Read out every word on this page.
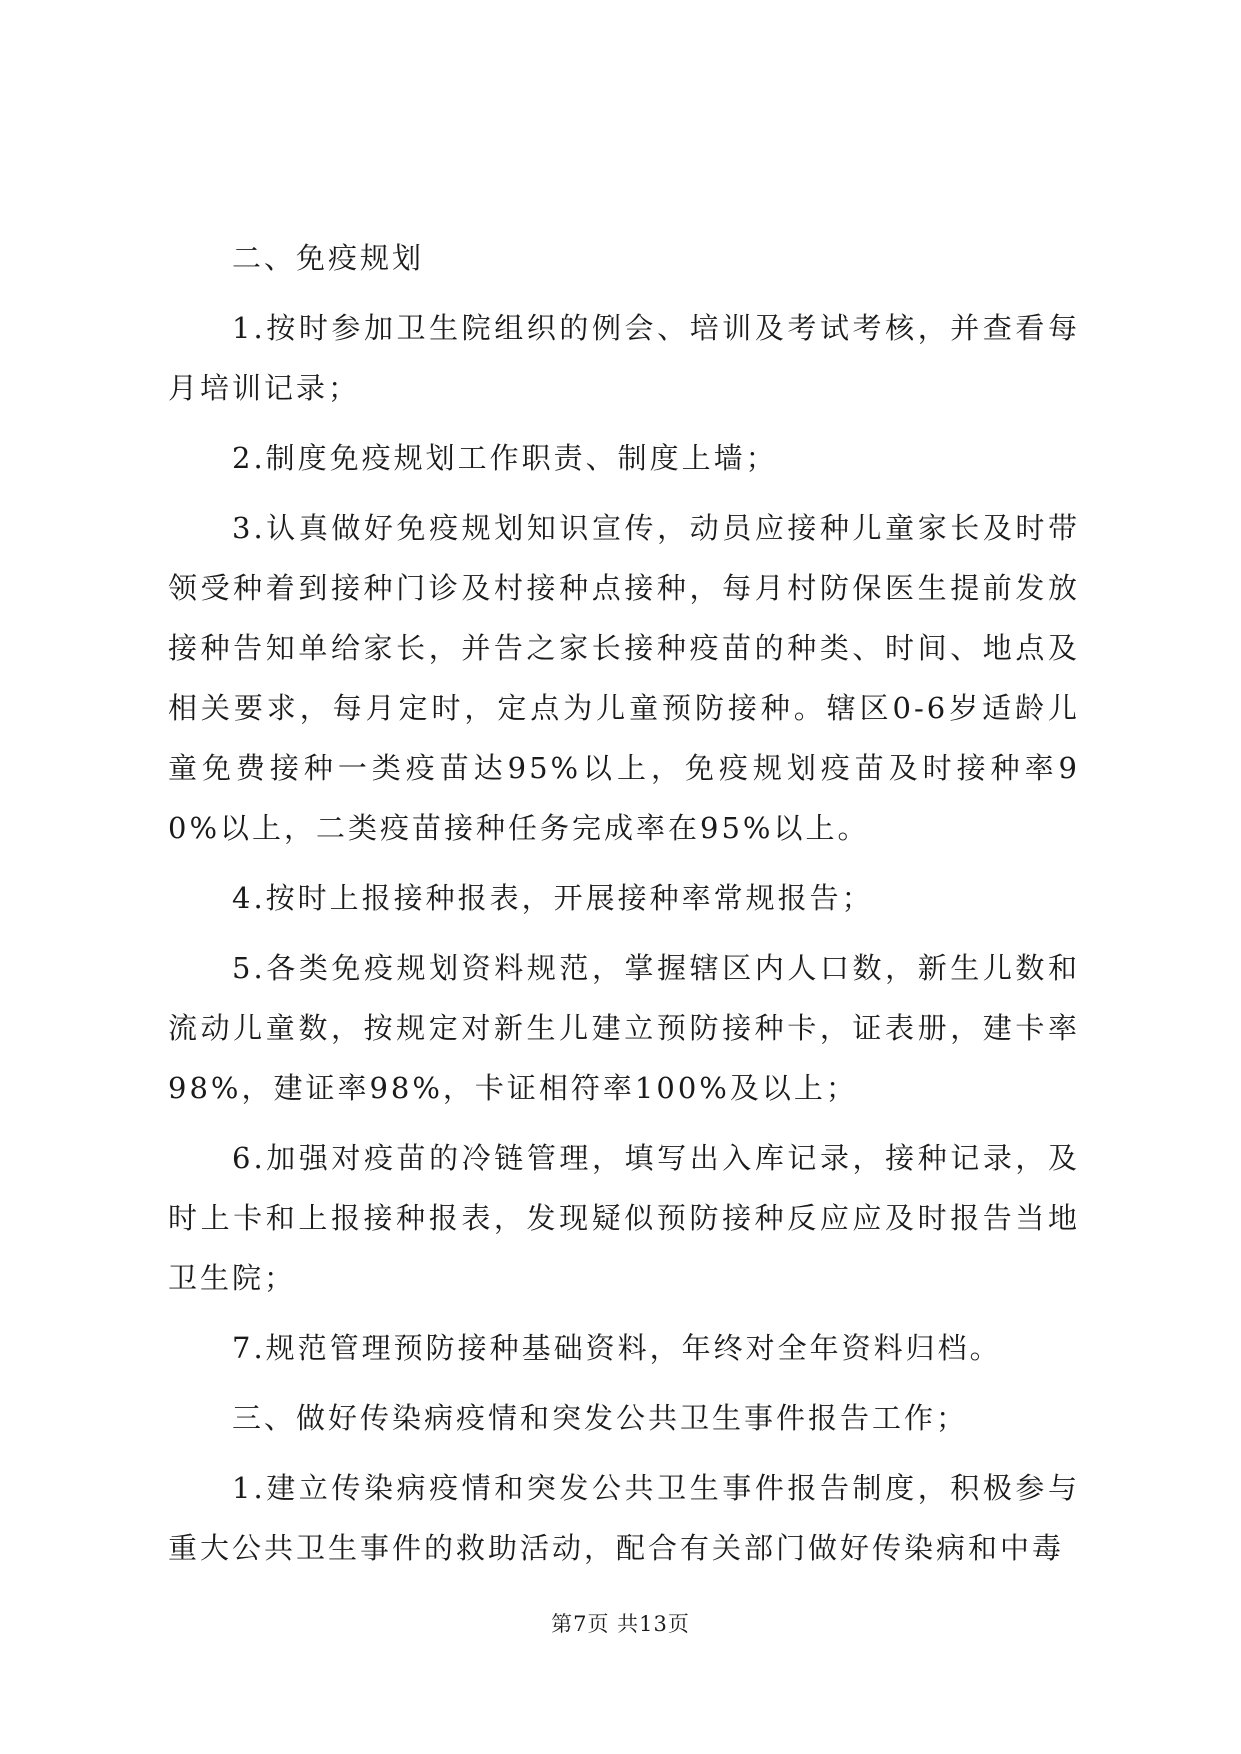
二、免疫规划

1.按时参加卫生院组织的例会、培训及考试考核，并查看每月培训记录；

2.制度免疫规划工作职责、制度上墙；

3.认真做好免疫规划知识宣传，动员应接种儿童家长及时带领受种着到接种门诊及村接种点接种，每月村防保医生提前发放接种告知单给家长，并告之家长接种疫苗的种类、时间、地点及相关要求，每月定时，定点为儿童预防接种。辖区0-6岁适龄儿童免费接种一类疫苗达95%以上，免疫规划疫苗及时接种率90%以上，二类疫苗接种任务完成率在95%以上。

4.按时上报接种报表，开展接种率常规报告；

5.各类免疫规划资料规范，掌握辖区内人口数，新生儿数和流动儿童数，按规定对新生儿建立预防接种卡，证表册，建卡率98%，建证率98%，卡证相符率100%及以上；

6.加强对疫苗的冷链管理，填写出入库记录，接种记录，及时上卡和上报接种报表，发现疑似预防接种反应应及时报告当地卫生院；

7.规范管理预防接种基础资料，年终对全年资料归档。

三、做好传染病疫情和突发公共卫生事件报告工作；

1.建立传染病疫情和突发公共卫生事件报告制度，积极参与重大公共卫生事件的救助活动，配合有关部门做好传染病和中毒

第7页 共13页
